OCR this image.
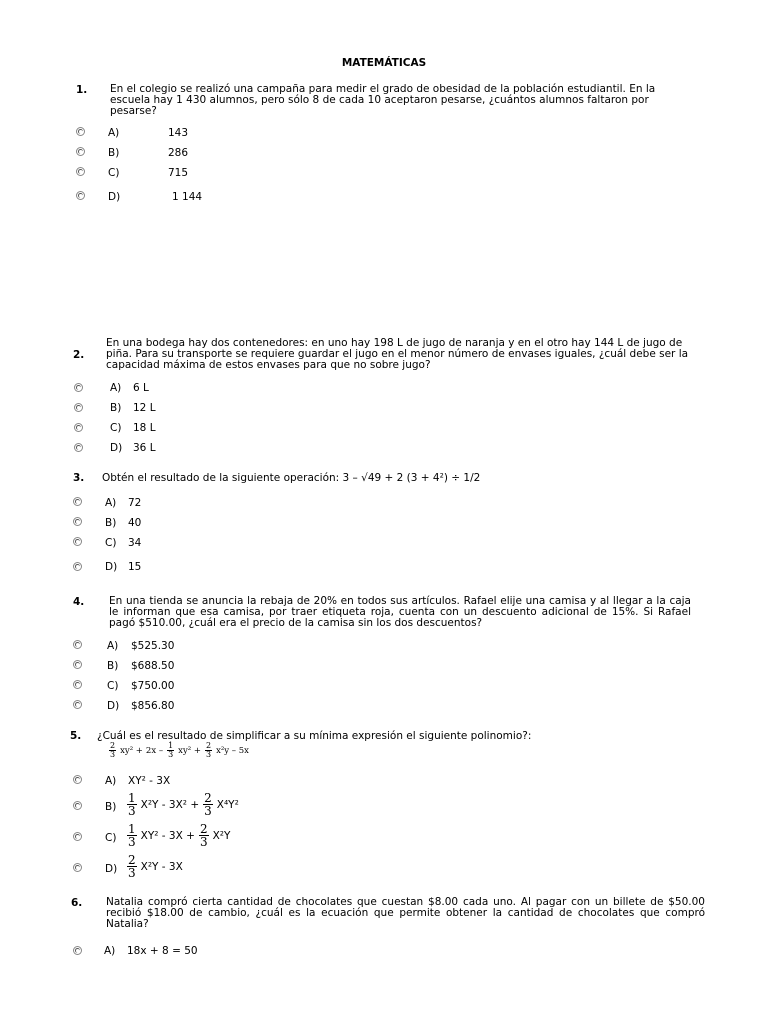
MATEMÁTICAS
1. En el colegio se realizó una campaña para medir el grado de obesidad de la población estudiantil. En la escuela hay 1 430 alumnos, pero sólo 8 de cada 10 aceptaron pesarse, ¿cuántos alumnos faltaron por pesarse?
A)	143
B)	286
C)	715
D)	1 144
En una bodega hay dos contenedores: en uno hay 198 L de jugo de naranja y en el otro hay 144 L de jugo de piña. Para su transporte se requiere guardar el jugo en el menor número de envases iguales, ¿cuál debe ser la capacidad máxima de estos envases para que no sobre jugo?
2.
A) 6 L
B) 12 L
C) 18 L
D) 36 L
3. Obtén el resultado de la siguiente operación: 3 – √49 + 2 (3 + 4²) ÷ 1/2
A) 72
B) 40
C) 34
D) 15
4. En una tienda se anuncia la rebaja de 20% en todos sus artículos. Rafael elije una camisa y al llegar a la caja le informan que esa camisa, por traer etiqueta roja, cuenta con un descuento adicional de 15%. Si Rafael pagó $510.00, ¿cuál era el precio de la camisa sin los dos descuentos?
A) $525.30
B) $688.50
C) $750.00
D) $856.80
5. ¿Cuál es el resultado de simplificar a su mínima expresión el siguiente polinomio?:
$\frac{2}{3} xy^2 + 2x - \frac{1}{3} xy^2 + \frac{2}{3} x^2y - 5x$
A) XY² - 3X
$B) \frac{1}{3} X^2Y - 3X^2 + \frac{2}{3} X^4Y^2$
$C) \frac{1}{3} XY^2 - 3X + \frac{2}{3} X^2Y$
$D) \frac{2}{3} X^2Y - 3X$
6. Natalia compró cierta cantidad de chocolates que cuestan $8.00 cada uno. Al pagar con un billete de $50.00 recibió $18.00 de cambio, ¿cuál es la ecuación que permite obtener la cantidad de chocolates que compró Natalia?
A) 18x + 8 = 50
